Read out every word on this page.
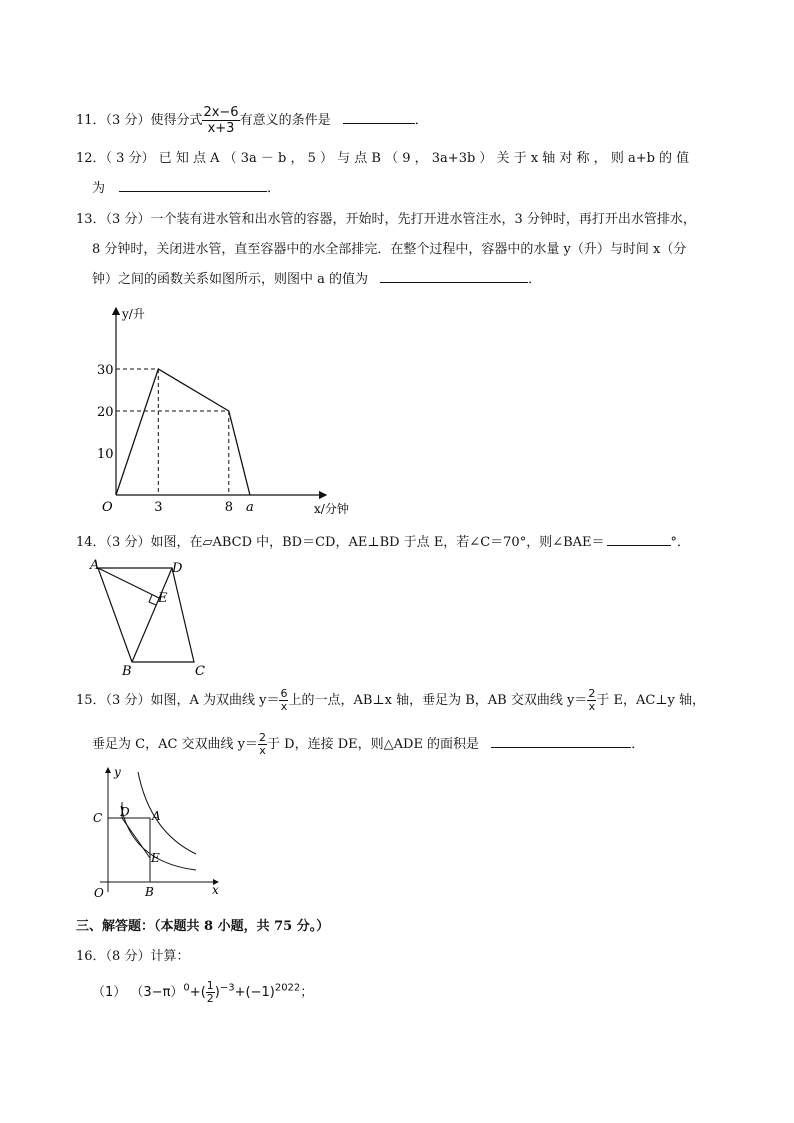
11．（3 分）使得分式 $\frac{2x-6}{x+3}$ 有意义的条件是	．
12．（ 3 分） 已 知 点 A （ 3a － b ， 5 ） 与 点 B （ 9 ， 3a+3b ） 关 于 x 轴 对 称 ， 则 a+b 的 值
为	．
13．（3 分）一个装有进水管和出水管的容器，开始时，先打开进水管注水，3 分钟时，再打开出水管排水，
8 分钟时，关闭进水管，直至容器中的水全部排完．在整个过程中，容器中的水量 y（升）与时间 x（分
钟）之间的函数关系如图所示，则图中 a 的值为	．
10
20
30
O	3	8 a	x/分钟
y/升
14．（3 分）如图，在▱ABCD 中，BD＝CD，AE⊥BD 于点 E，若∠C＝70°，则∠BAE＝	°．
A	D
E
B	C
15．（3 分）如图，A 为双曲线 $y= \frac{6}{x}$ 上的一点，AB⊥x 轴，垂足为 B，AB 交双曲线 $y= \frac{2}{x}$ 于 E，AC⊥y 轴，
垂足为 C，AC 交双曲线 $y= \frac{2}{x}$ 于 D，连接 DE，则△ADE 的面积是	．
y
x
O
C D A
E
B
三、解答题：（本题共 8 小题，共 75 分。）
16．（8 分）计算：
（1） $(3-\pi)^0+( \frac{1}{2} )^{-3}+(-1)^{2022}$；
